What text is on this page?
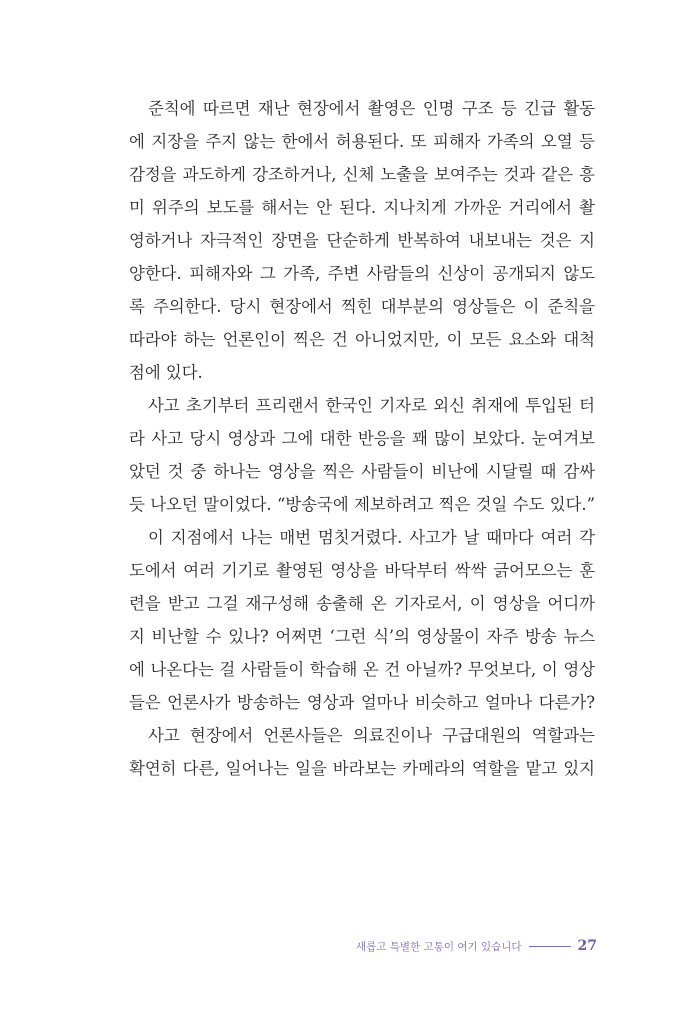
준칙에 따르면 재난 현장에서 촬영은 인명 구조 등 긴급 활동
에 지장을 주지 않는 한에서 허용된다. 또 피해자 가족의 오열 등
감정을 과도하게 강조하거나, 신체 노출을 보여주는 것과 같은 흥
미 위주의 보도를 해서는 안 된다. 지나치게 가까운 거리에서 촬
영하거나 자극적인 장면을 단순하게 반복하여 내보내는 것은 지
양한다. 피해자와 그 가족, 주변 사람들의 신상이 공개되지 않도
록 주의한다. 당시 현장에서 찍힌 대부분의 영상들은 이 준칙을
따라야 하는 언론인이 찍은 건 아니었지만, 이 모든 요소와 대척
점에 있다.
사고 초기부터 프리랜서 한국인 기자로 외신 취재에 투입된 터
라 사고 당시 영상과 그에 대한 반응을 꽤 많이 보았다. 눈여겨보
았던 것 중 하나는 영상을 찍은 사람들이 비난에 시달릴 때 감싸
듯 나오던 말이었다. “방송국에 제보하려고 찍은 것일 수도 있다.”
이 지점에서 나는 매번 멈칫거렸다. 사고가 날 때마다 여러 각
도에서 여러 기기로 촬영된 영상을 바닥부터 싹싹 긁어모으는 훈
련을 받고 그걸 재구성해 송출해 온 기자로서, 이 영상을 어디까
지 비난할 수 있나? 어쩌면 ‘그런 식’의 영상물이 자주 방송 뉴스
에 나온다는 걸 사람들이 학습해 온 건 아닐까? 무엇보다, 이 영상
들은 언론사가 방송하는 영상과 얼마나 비슷하고 얼마나 다른가?
사고 현장에서 언론사들은 의료진이나 구급대원의 역할과는
확연히 다른, 일어나는 일을 바라보는 카메라의 역할을 맡고 있지
새롭고 특별한 고통이 여기 있습니다	27
